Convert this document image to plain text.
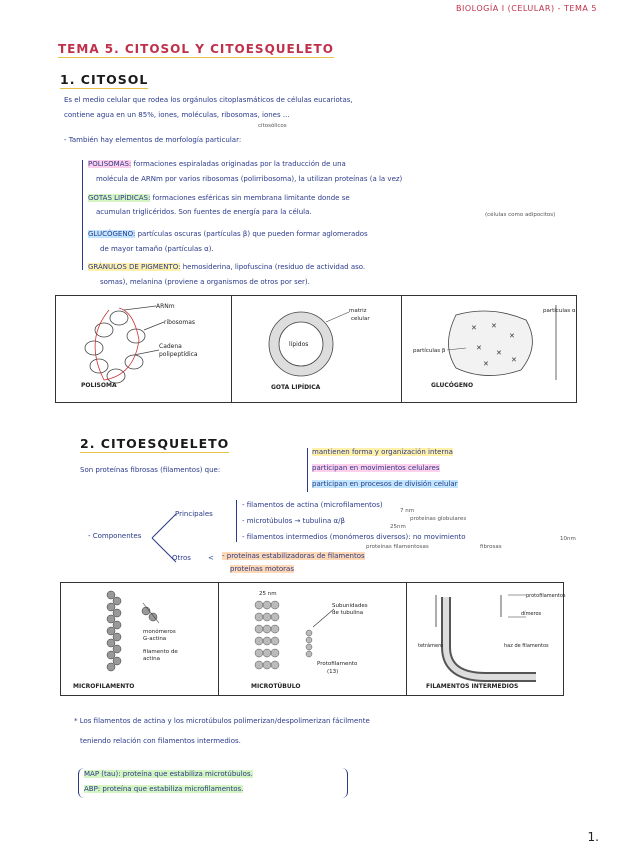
BIOLOGÍA I (CELULAR) - TEMA 5
TEMA 5. CITOSOL Y CITOESQUELETO
1. CITOSOL
Es el medio celular que rodea los orgánulos citoplasmáticos de células eucariotas,
contiene agua en un 85%, iones, moléculas, ribosomas, iones ...
citosólicos
- También hay elementos de morfología particular:
POLISOMAS: formaciones espiraladas originadas por la traducción de una
molécula de ARNm por varios ribosomas (polirribosoma), la utilizan proteínas (a la vez)
GOTAS LIPÍDICAS: formaciones esféricas sin membrana limitante donde se
acumulan triglicéridos. Son fuentes de energía para la célula.	(células como adipocitos)
GLUCÓGENO: partículas oscuras (partículas β) que pueden formar aglomerados
de mayor tamaño (partículas α).
GRÁNULOS DE PIGMENTO: hemosiderina, lipofuscina (residuo de actividad aso.
somas), melanina (proviene a organismos de otros por ser).
ARNm
ribosomas
Cadena
polipeptídica
POLISOMA
lípidos
matriz
celular
GOTA LIPÍDICA
✕ ✕
✕
✕
✕
✕	✕
partículas α
partículas β
GLUCÓGENO
2. CITOESQUELETO
Son proteínas fibrosas (filamentos) que:
mantienen forma y organización interna
participan en movimientos celulares
participan en procesos de división celular
- Componentes
Principales
Otros
- filamentos de actina (microfilamentos)
- microtúbulos → tubulina α/β
- filamentos intermedios (monómeros diversos): no movimiento
proteínas globulares
7 nm
25nm
10nm
proteínas filamentosas	fibrosas
< - proteínas estabilizadoras de filamentos
proteínas motoras
monómeros
G-actina
filamento de
actina
MICROFILAMENTO
25 nm
Subunidades
de tubulina
Protofilamento
(13)
MICROTÚBULO
protofilamentos
dímeros
tetrámero	haz de filamentos
FILAMENTOS INTERMEDIOS
* Los filamentos de actina y los microtúbulos polimerizan/despolimerizan fácilmente
teniendo relación con filamentos intermedios.
MAP (tau): proteína que estabiliza microtúbulos.
ABP: proteína que estabiliza microfilamentos.
1.
